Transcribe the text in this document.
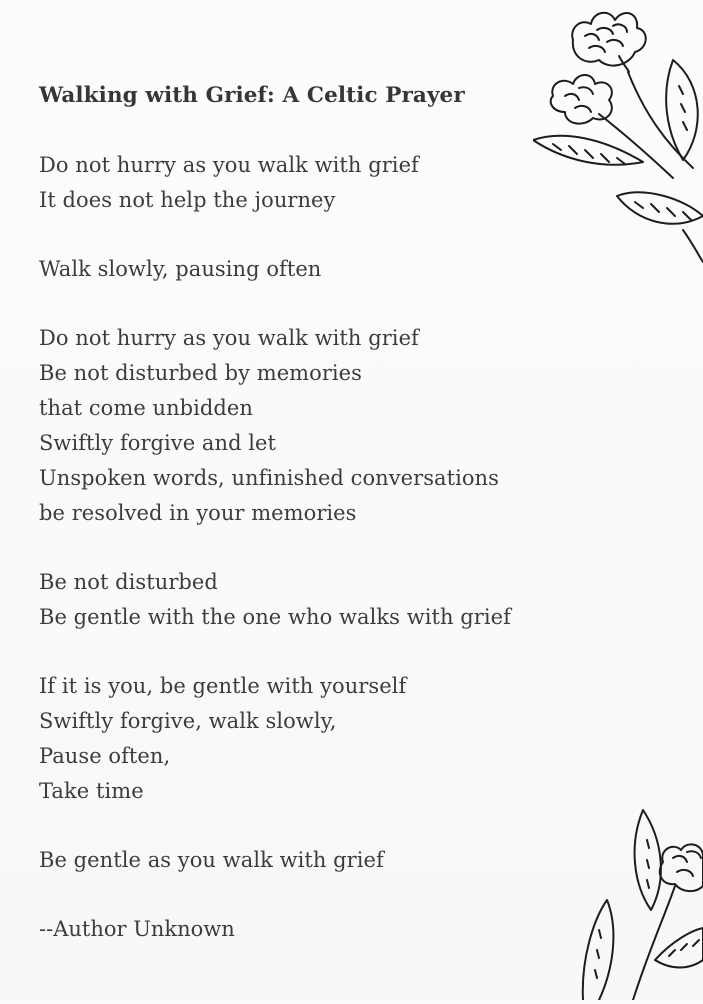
Walking with Grief: A Celtic Prayer
Do not hurry as you walk with grief
It does not help the journey
Walk slowly, pausing often
Do not hurry as you walk with grief
Be not disturbed by memories
that come unbidden
Swiftly forgive and let
Unspoken words, unfinished conversations
be resolved in your memories
Be not disturbed
Be gentle with the one who walks with grief
If it is you, be gentle with yourself
Swiftly forgive, walk slowly,
Pause often,
Take time
Be gentle as you walk with grief
--Author Unknown
